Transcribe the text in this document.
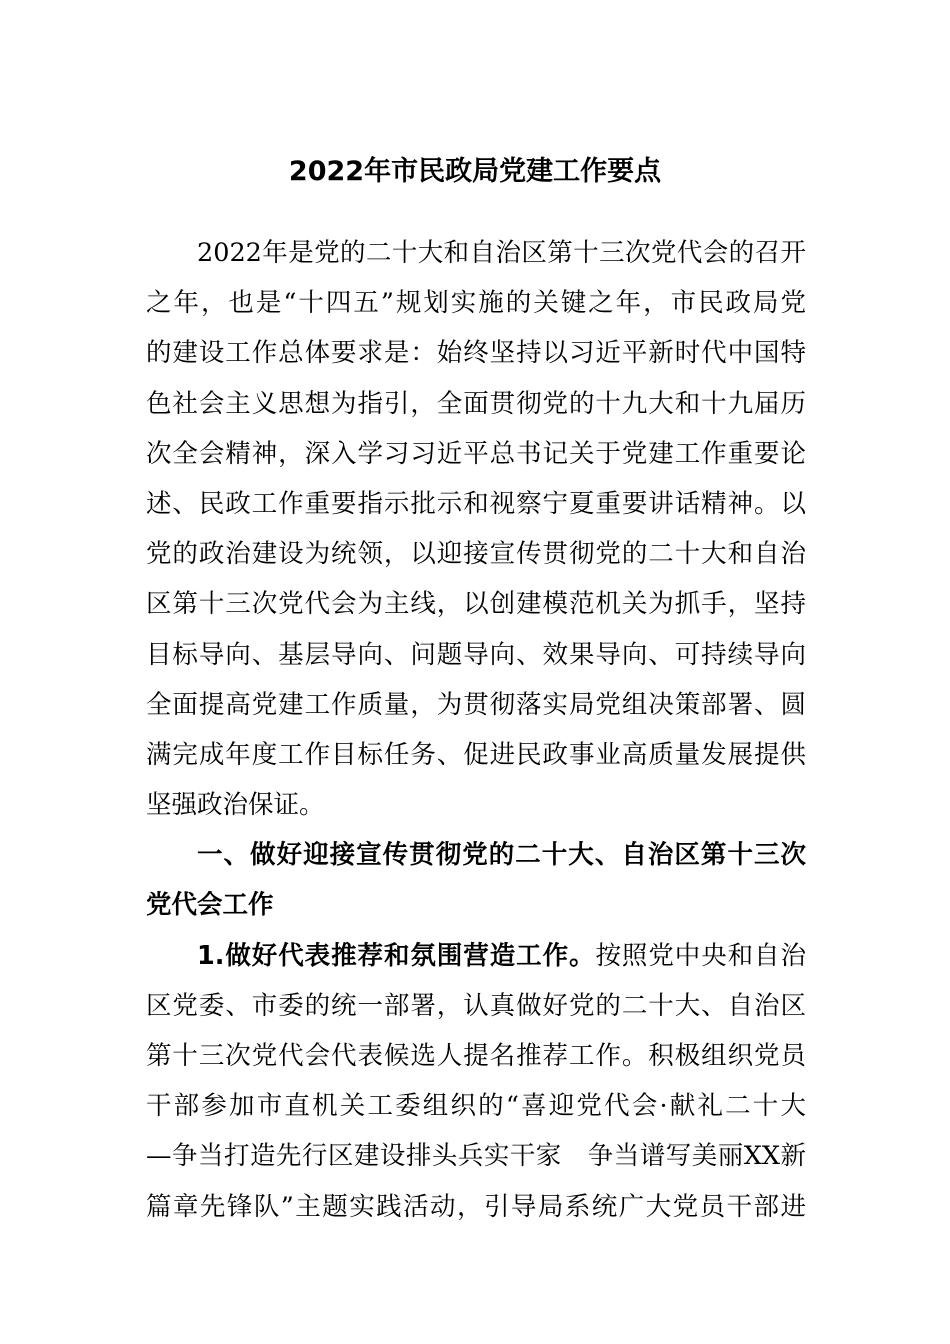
2022年市民政局党建工作要点
2022年是党的二十大和自治区第十三次党代会的召开
之年，也是“十四五”规划实施的关键之年，市民政局党
的建设工作总体要求是：始终坚持以习近平新时代中国特
色社会主义思想为指引，全面贯彻党的十九大和十九届历
次全会精神，深入学习习近平总书记关于党建工作重要论
述、民政工作重要指示批示和视察宁夏重要讲话精神。以
党的政治建设为统领，以迎接宣传贯彻党的二十大和自治
区第十三次党代会为主线，以创建模范机关为抓手，坚持
目标导向、基层导向、问题导向、效果导向、可持续导向
全面提高党建工作质量，为贯彻落实局党组决策部署、圆
满完成年度工作目标任务、促进民政事业高质量发展提供
坚强政治保证。
一、做好迎接宣传贯彻党的二十大、自治区第十三次
党代会工作
1.做好代表推荐和氛围营造工作。按照党中央和自治
区党委、市委的统一部署，认真做好党的二十大、自治区
第十三次党代会代表候选人提名推荐工作。积极组织党员
干部参加市直机关工委组织的“喜迎党代会·献礼二十大
—争当打造先行区建设排头兵实干家　争当谱写美丽XX新
篇章先锋队”主题实践活动，引导局系统广大党员干部进
